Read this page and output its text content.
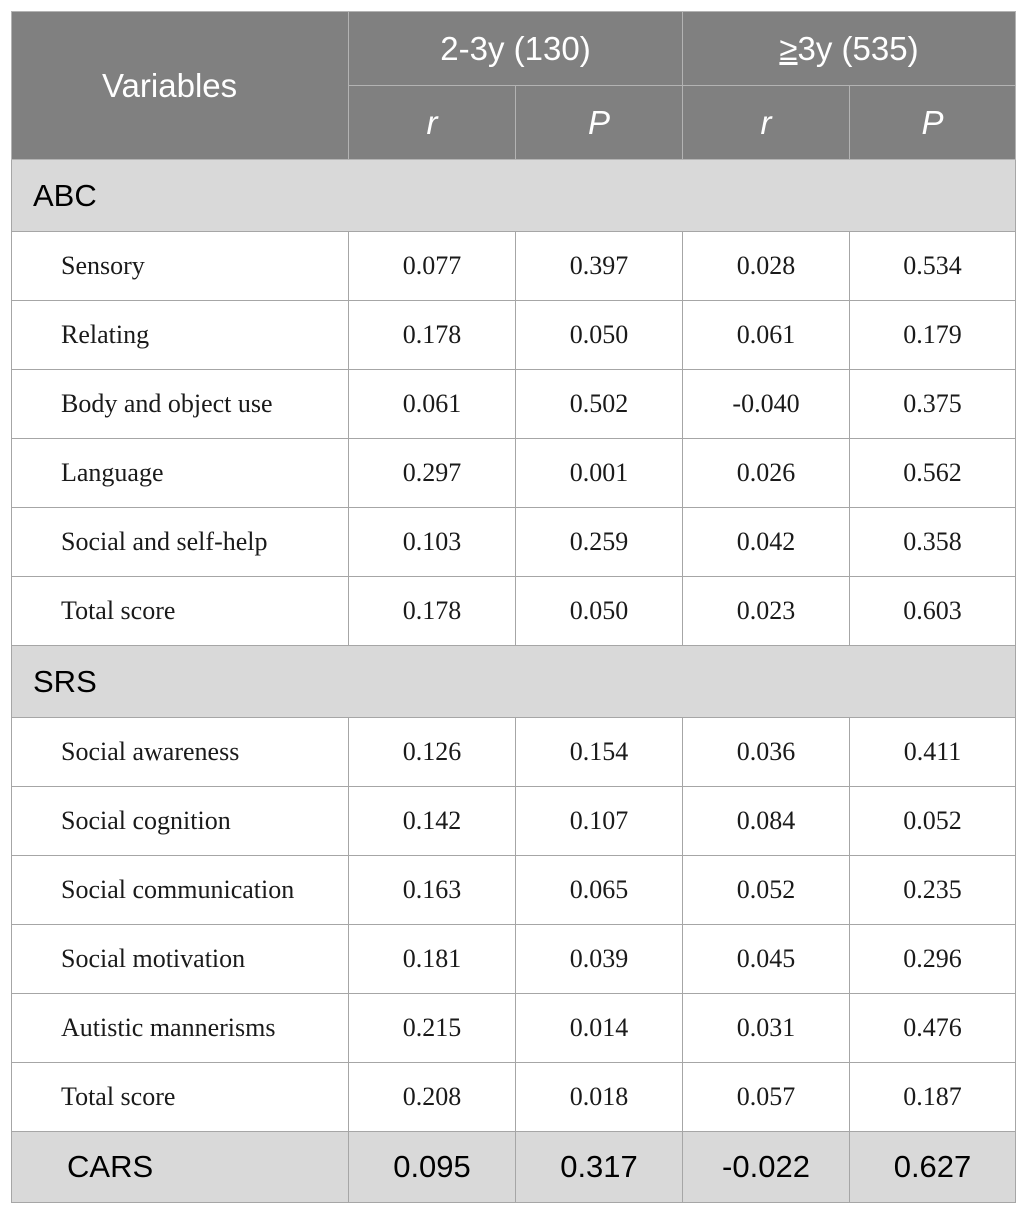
Variables	2-3y (130)		≥3y (535)	
	r	P	r	P
ABC				
Sensory	0.077	0.397	0.028	0.534
Relating	0.178	0.050	0.061	0.179
Body and object use	0.061	0.502	-0.040	0.375
Language	0.297	0.001	0.026	0.562
Social and self-help	0.103	0.259	0.042	0.358
Total score	0.178	0.050	0.023	0.603
SRS				
Social awareness	0.126	0.154	0.036	0.411
Social cognition	0.142	0.107	0.084	0.052
Social communication	0.163	0.065	0.052	0.235
Social motivation	0.181	0.039	0.045	0.296
Autistic mannerisms	0.215	0.014	0.031	0.476
Total score	0.208	0.018	0.057	0.187
CARS	0.095	0.317	-0.022	0.627
